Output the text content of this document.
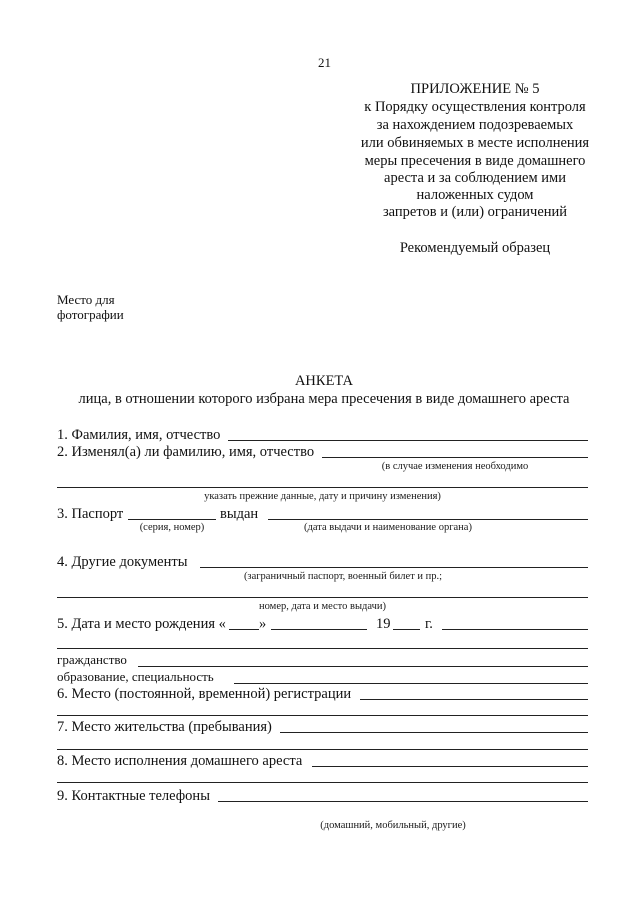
21
ПРИЛОЖЕНИЕ № 5
к Порядку осуществления контроля
за нахождением подозреваемых
или обвиняемых в месте исполнения
меры пресечения в виде домашнего
ареста и за соблюдением ими
наложенных судом
запретов и (или) ограничений
Рекомендуемый образец
Место для
фотографии
АНКЕТА
лица, в отношении которого избрана мера пресечения в виде домашнего ареста
1. Фамилия, имя, отчество
2. Изменял(а) ли фамилию, имя, отчество
(в случае изменения необходимо
указать прежние данные, дату и причину изменения)
3. Паспорт	выдан
(серия, номер)	(дата выдачи и наименование органа)
4. Другие документы
(заграничный паспорт, военный билет и пр.;
номер, дата и место выдачи)
5. Дата и место рождения « »	19 г.
гражданство
образование, специальность
6. Место (постоянной, временной) регистрации
7. Место жительства (пребывания)
8. Место исполнения домашнего ареста
9. Контактные телефоны
(домашний, мобильный, другие)
